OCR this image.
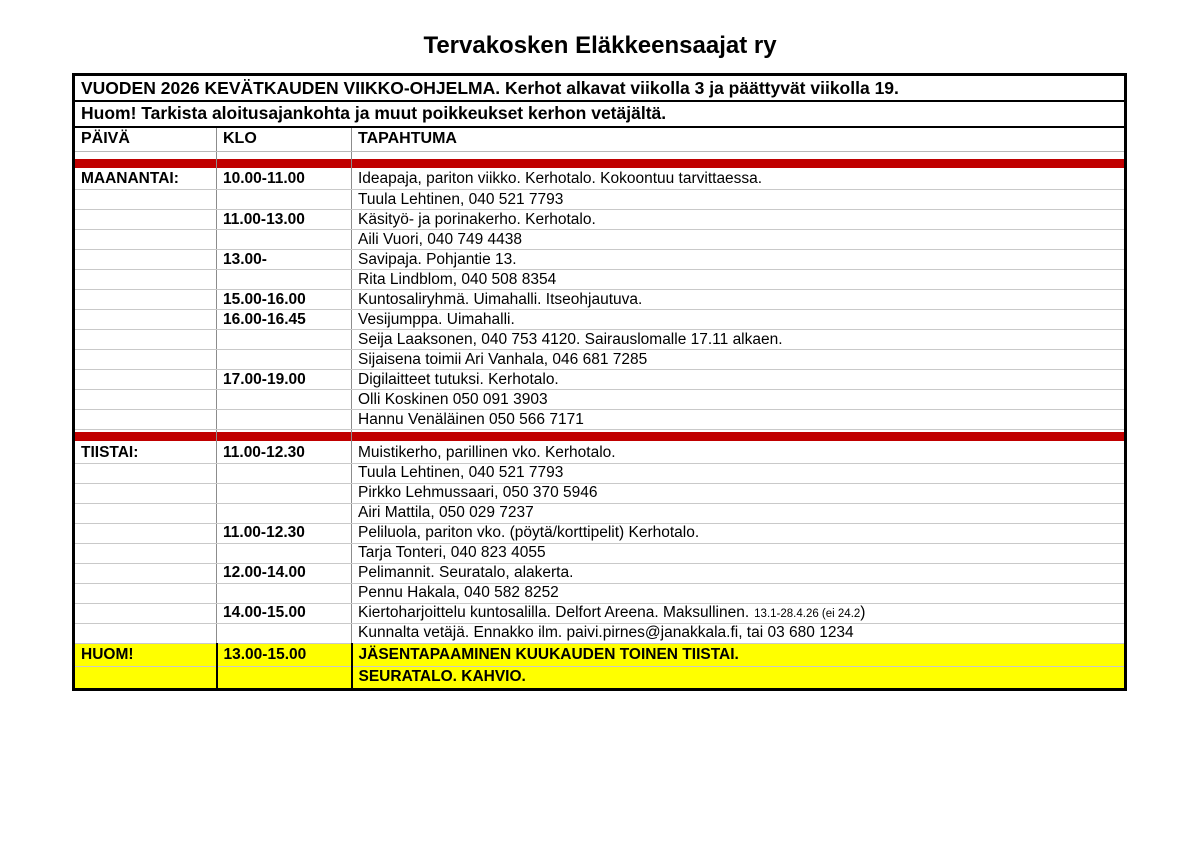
Tervakosken Eläkkeensaajat ry
VUODEN 2026 KEVÄTKAUDEN VIIKKO-OHJELMA. Kerhot alkavat viikolla 3 ja päättyvät viikolla 19.		
Huom! Tarkista aloitusajankohta ja muut poikkeukset kerhon vetäjältä.		
PÄIVÄ	KLO	TAPAHTUMA

MAANANTAI:	10.00-11.00	Ideapaja, pariton viikko. Kerhotalo. Kokoontuu tarvittaessa.
		Tuula Lehtinen, 040 521 7793
	11.00-13.00	Käsityö- ja porinakerho. Kerhotalo.
		Aili Vuori, 040 749 4438
	13.00-	Savipaja. Pohjantie 13.
		Rita Lindblom, 040 508 8354
	15.00-16.00	Kuntosaliryhmä. Uimahalli. Itseohjautuva.
	16.00-16.45	Vesijumppa. Uimahalli.
		Seija Laaksonen, 040 753 4120. Sairauslomalle 17.11 alkaen.
		Sijaisena toimii Ari Vanhala, 046 681 7285
	17.00-19.00	Digilaitteet tutuksi. Kerhotalo.
		Olli Koskinen 050 091 3903
		Hannu Venäläinen 050 566 7171

TIISTAI:	11.00-12.30	Muistikerho, parillinen vko. Kerhotalo.
		Tuula Lehtinen, 040 521 7793
		Pirkko Lehmussaari, 050 370 5946
		Airi Mattila, 050 029 7237
	11.00-12.30	Peliluola, pariton vko. (pöytä/korttipelit) Kerhotalo.
		Tarja Tonteri, 040 823 4055
	12.00-14.00	Pelimannit. Seuratalo, alakerta.
		Pennu Hakala, 040 582 8252
	14.00-15.00	Kiertoharjoittelu kuntosalilla. Delfort Areena. Maksullinen. 13.1-28.4.26 (ei 24.2)
		Kunnalta vetäjä. Ennakko ilm. paivi.pirnes@janakkala.fi, tai 03 680 1234
HUOM!	13.00-15.00	JÄSENTAPAAMINEN KUUKAUDEN TOINEN TIISTAI.
		SEURATALO. KAHVIO.
